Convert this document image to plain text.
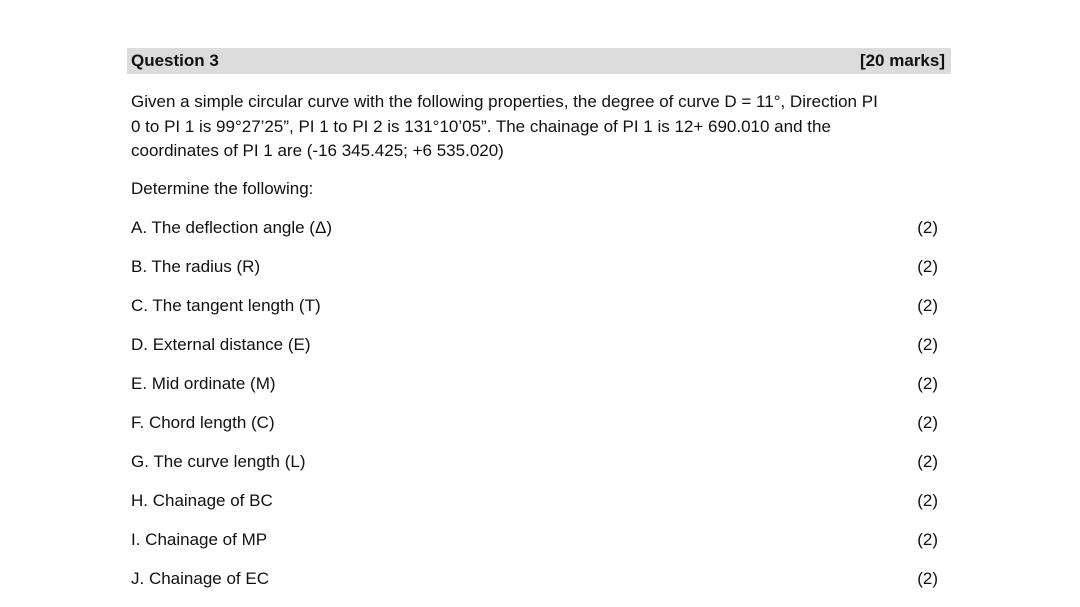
Question 3	[20 marks]
Given a simple circular curve with the following properties, the degree of curve D = 11°, Direction PI
0 to PI 1 is 99°27’25”, PI 1 to PI 2 is 131°10’05”. The chainage of PI 1 is 12+ 690.010 and the
coordinates of PI 1 are (-16 345.425; +6 535.020)
Determine the following:
A. The deflection angle (Δ)	(2)
B. The radius (R)	(2)
C. The tangent length (T)	(2)
D. External distance (E)	(2)
E. Mid ordinate (M)	(2)
F. Chord length (C)	(2)
G. The curve length (L)	(2)
H. Chainage of BC	(2)
I. Chainage of MP	(2)
J. Chainage of EC	(2)
